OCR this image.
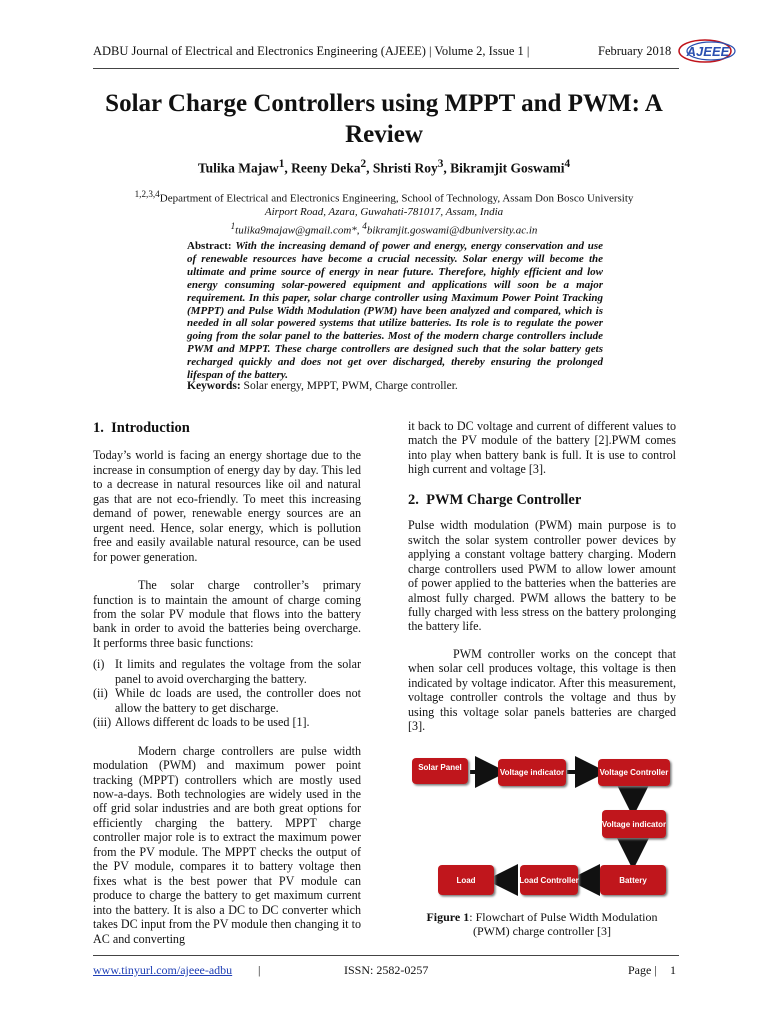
ADBU Journal of Electrical and Electronics Engineering (AJEEE) | Volume 2, Issue 1 |	February 2018 AJEEE
Solar Charge Controllers using MPPT and PWM: A
Review
Tulika Majaw$^1$, Reeny Deka$^2$, Shristi Roy$^3$, Bikramjit Goswami$^4$
$^{1,2,3,4}$Department of Electrical and Electronics Engineering, School of Technology, Assam Don Bosco University
Airport Road, Azara, Guwahati-781017, Assam, India
$^1$tulika9majaw@gmail.com*, $^4$bikramjit.goswami@dbuniversity.ac.in
Abstract: With the increasing demand of power and energy, energy conservation and use of renewable resources have become a crucial necessity. Solar energy will become the ultimate and prime source of energy in near future. Therefore, highly efficient and low energy consuming solar-powered equipment and applications will soon be a major requirement. In this paper, solar charge controller using Maximum Power Point Tracking (MPPT) and Pulse Width Modulation (PWM) have been analyzed and compared, which is needed in all solar powered systems that utilize batteries. Its role is to regulate the power going from the solar panel to the batteries. Most of the modern charge controllers include PWM and MPPT. These charge controllers are designed such that the solar battery gets recharged quickly and does not get over discharged, thereby ensuring the prolonged lifespan of the battery.
Keywords: Solar energy, MPPT, PWM, Charge controller.
1. Introduction

Today’s world is facing an energy shortage due to the increase in consumption of energy day by day. This led to a decrease in natural resources like oil and natural gas that are not eco-friendly. To meet this increasing demand of power, renewable energy sources are an urgent need. Hence, solar energy, which is pollution free and easily available natural resource, can be used for power generation.

The solar charge controller’s primary function is to maintain the amount of charge coming from the solar PV module that flows into the battery bank in order to avoid the batteries being overcharge. It performs three basic functions:

(i) It limits and regulates the voltage from the solar panel to avoid overcharging the battery.
(ii) While dc loads are used, the controller does not allow the battery to get discharge.
(iii) Allows different dc loads to be used [1].

Modern charge controllers are pulse width modulation (PWM) and maximum power point tracking (MPPT) controllers which are mostly used now-a-days. Both technologies are widely used in the off grid solar industries and are both great options for efficiently charging the battery. MPPT charge controller major role is to extract the maximum power from the PV module. The MPPT checks the output of the PV module, compares it to battery voltage then fixes what is the best power that PV module can produce to charge the battery to get maximum current into the battery. It is also a DC to DC converter which takes DC input from the PV module then changing it to AC and converting

it back to DC voltage and current of different values to match the PV module of the battery [2].PWM comes into play when battery bank is full. It is use to control high current and voltage [3].

2. PWM Charge Controller

Pulse width modulation (PWM) main purpose is to switch the solar system controller power devices by applying a constant voltage battery charging. Modern charge controllers used PWM to allow lower amount of power applied to the batteries when the batteries are almost fully charged. PWM allows the battery to be fully charged with less stress on the battery prolonging the battery life.

PWM controller works on the concept that when solar cell produces voltage, this voltage is then indicated by voltage indicator. After this measurement, voltage controller controls the voltage and thus by using this voltage solar panels batteries are charged [3].

Solar Panel
Voltage indicator	Voltage Controller
Voltage indicator
Battery
Load Controller
Load
Figure 1: Flowchart of Pulse Width Modulation
(PWM) charge controller [3]
www.tinyurl.com/ajeee-adbu |	ISSN: 2582-0257	Page | 1
